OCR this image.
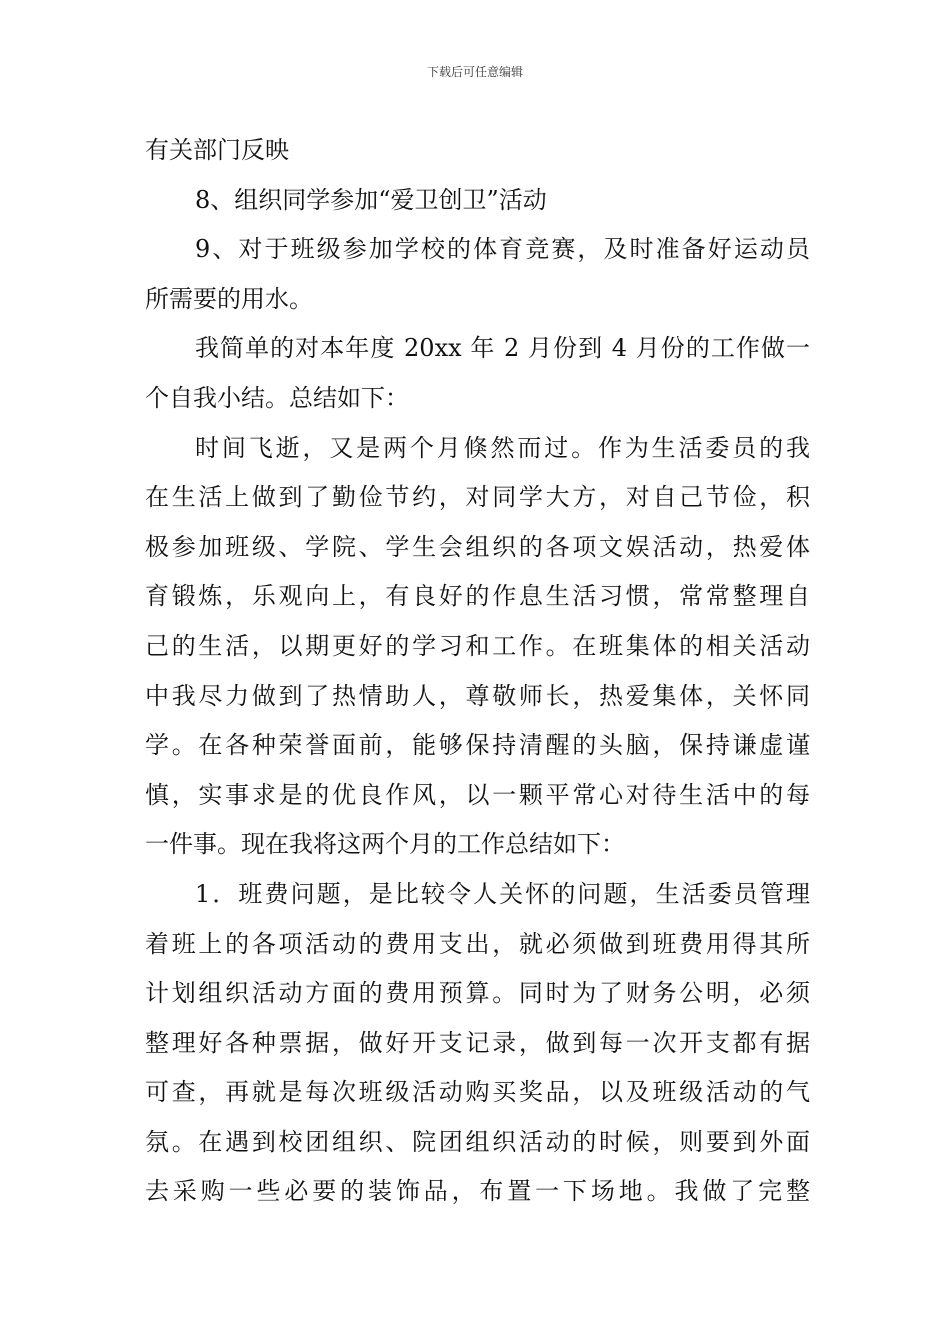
下载后可任意编辑
有关部门反映
8、组织同学参加“爱卫创卫”活动
9、对于班级参加学校的体育竞赛，及时准备好运动员
所需要的用水。
我简单的对本年度 20xx 年 2 月份到 4 月份的工作做一
个自我小结。总结如下：
时间飞逝，又是两个月倏然而过。作为生活委员的我
在生活上做到了勤俭节约，对同学大方，对自己节俭，积
极参加班级、学院、学生会组织的各项文娱活动，热爱体
育锻炼，乐观向上，有良好的作息生活习惯，常常整理自
己的生活，以期更好的学习和工作。在班集体的相关活动
中我尽力做到了热情助人，尊敬师长，热爱集体，关怀同
学。在各种荣誉面前，能够保持清醒的头脑，保持谦虚谨
慎，实事求是的优良作风，以一颗平常心对待生活中的每
一件事。现在我将这两个月的工作总结如下：
1．班费问题，是比较令人关怀的问题，生活委员管理
着班上的各项活动的费用支出，就必须做到班费用得其所
计划组织活动方面的费用预算。同时为了财务公明，必须
整理好各种票据，做好开支记录，做到每一次开支都有据
可查，再就是每次班级活动购买奖品，以及班级活动的气
氛。在遇到校团组织、院团组织活动的时候，则要到外面
去采购一些必要的装饰品，布置一下场地。我做了完整
